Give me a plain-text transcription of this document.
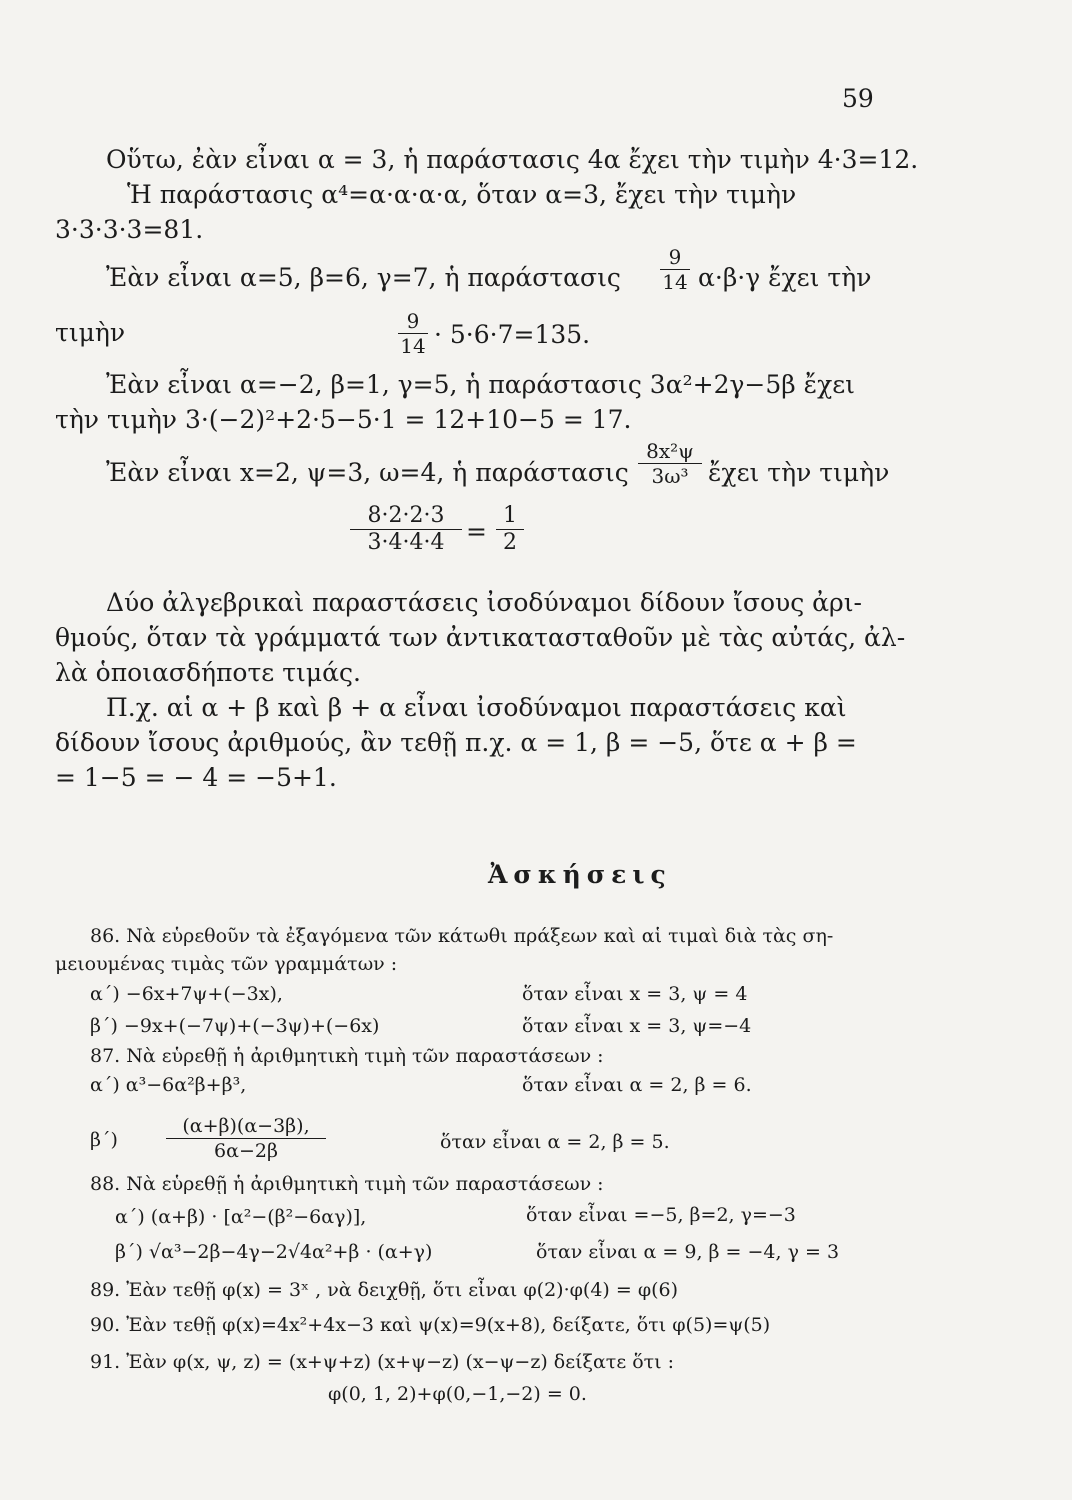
59
Οὕτω, ἐὰν εἶναι α = 3, ἡ παράστασις 4α ἔχει τὴν τιμὴν 4·3=12.
Ἡ παράστασις α⁴=α·α·α·α, ὅταν α=3, ἔχει τὴν τιμὴν
3·3·3·3=81.
Ἐὰν εἶναι α=5, β=6, γ=7, ἡ παράστασις
9
14 α·β·γ ἔχει τὴν
τιμὴν	9
14 · 5·6·7=135.
Ἐὰν εἶναι α=−2, β=1, γ=5, ἡ παράστασις 3α²+2γ−5β ἔχει
τὴν τιμὴν 3·(−2)²+2·5−5·1 = 12+10−5 = 17.
Ἐὰν εἶναι x=2, ψ=3, ω=4, ἡ παράστασις
8x²ψ
3ω³ ἔχει τὴν τιμὴν
8·2·2·3
3·4·4·4 =
1
2
Δύο ἀλγεβρικαὶ παραστάσεις ἰσοδύναμοι δίδουν ἴσους ἀρι-
θμούς, ὅταν τὰ γράμματά των ἀντικατασταθοῦν μὲ τὰς αὐτάς, ἀλ-
λὰ ὁποιασδήποτε τιμάς.
Π.χ. αἱ α + β καὶ β + α εἶναι ἰσοδύναμοι παραστάσεις καὶ
δίδουν ἴσους ἀριθμούς, ἂν τεθῇ π.χ. α = 1, β = −5, ὅτε α + β =
= 1−5 = − 4 = −5+1.
Ἀσκήσεις
86. Νὰ εὑρεθοῦν τὰ ἐξαγόμενα τῶν κάτωθι πράξεων καὶ αἱ τιμαὶ διὰ τὰς ση-
μειουμένας τιμὰς τῶν γραμμάτων :
α΄) −6x+7ψ+(−3x),	ὅταν εἶναι x = 3, ψ = 4
β΄) −9x+(−7ψ)+(−3ψ)+(−6x)	ὅταν εἶναι x = 3, ψ=−4
87. Νὰ εὑρεθῇ ἡ ἀριθμητικὴ τιμὴ τῶν παραστάσεων :
α΄) α³−6α²β+β³,	ὅταν εἶναι α = 2, β = 6.
β΄)
(α+β)(α−3β),
6α−2β	ὅταν εἶναι α = 2, β = 5.
88. Νὰ εὑρεθῇ ἡ ἀριθμητικὴ τιμὴ τῶν παραστάσεων :
α΄) (α+β) · [α²−(β²−6αγ)],	ὅταν εἶναι =−5, β=2, γ=−3
β΄) √α³−2β−4γ−2√4α²+β · (α+γ)	ὅταν εἶναι α = 9, β = −4, γ = 3
89. Ἐὰν τεθῇ φ(x) = 3ˣ , νὰ δειχθῇ, ὅτι εἶναι φ(2)·φ(4) = φ(6)
90. Ἐὰν τεθῇ φ(x)=4x²+4x−3 καὶ ψ(x)=9(x+8), δείξατε, ὅτι φ(5)=ψ(5)
91. Ἐὰν φ(x, ψ, z) = (x+ψ+z) (x+ψ−z) (x−ψ−z) δείξατε ὅτι :
φ(0, 1, 2)+φ(0,−1,−2) = 0.
